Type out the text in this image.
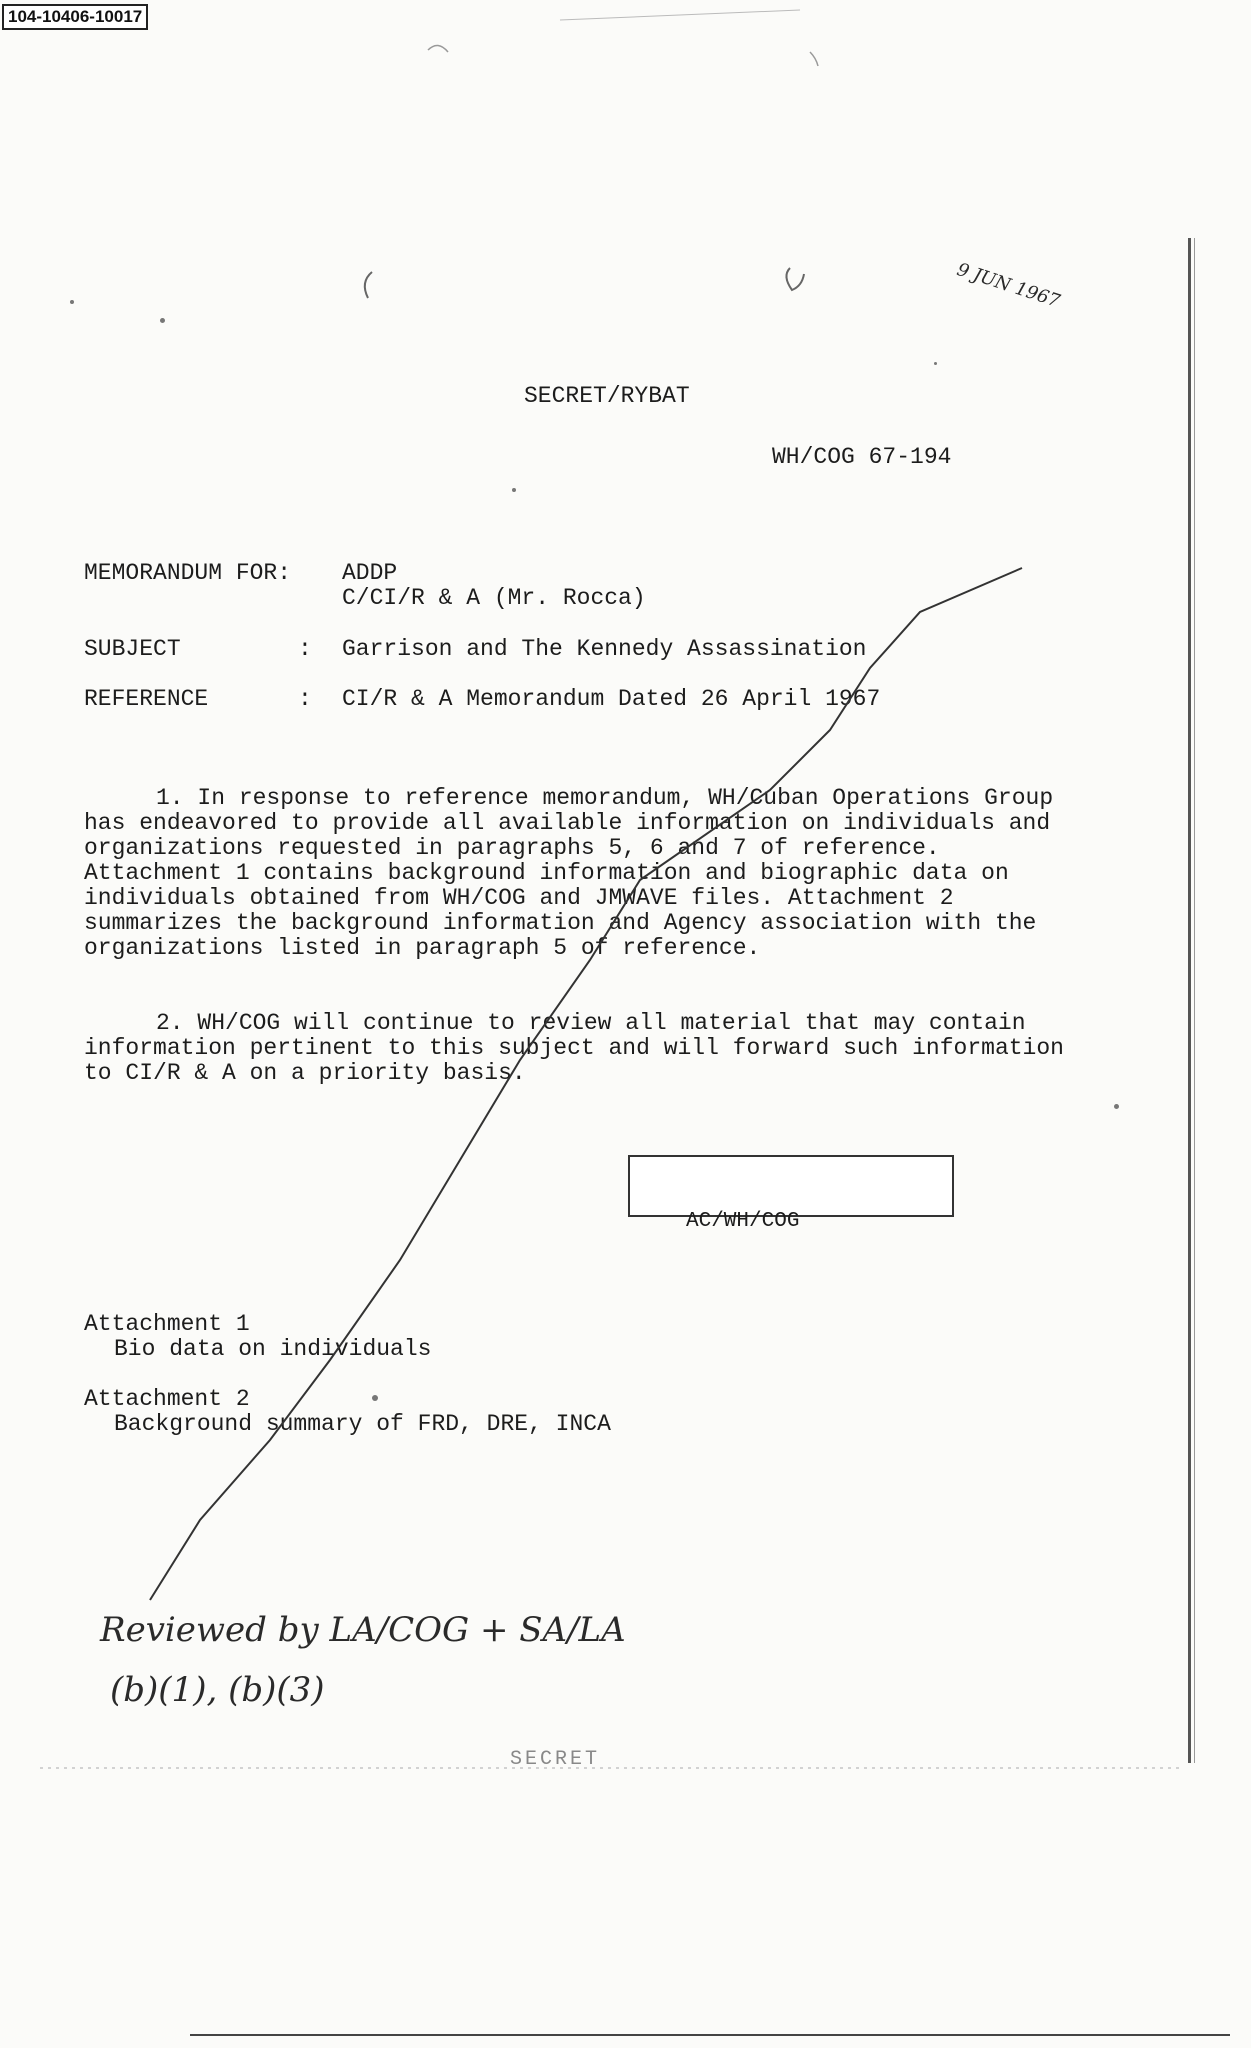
104-10406-10017
9 JUN 1967
SECRET/RYBAT
WH/COG 67-194
MEMORANDUM FOR: ADDP
C/CI/R & A (Mr. Rocca)
SUBJECT	: Garrison and The Kennedy Assassination
REFERENCE	: CI/R & A Memorandum Dated 26 April 1967
1. In response to reference memorandum, WH/Cuban Operations Group has endeavored to provide all available information on individuals and organizations requested in paragraphs 5, 6 and 7 of reference. Attachment 1 contains background information and biographic data on individuals obtained from WH/COG and JMWAVE files. Attachment 2 summarizes the background information and Agency association with the organizations listed in paragraph 5 of reference.
2. WH/COG will continue to review all material that may contain information pertinent to this subject and will forward such information to CI/R & A on a priority basis.
AC/WH/COG
Attachment 1
Bio data on individuals
Attachment 2
Background summary of FRD, DRE, INCA
Reviewed by LA/COG + SA/LA
(b)(1), (b)(3)
SECRET
